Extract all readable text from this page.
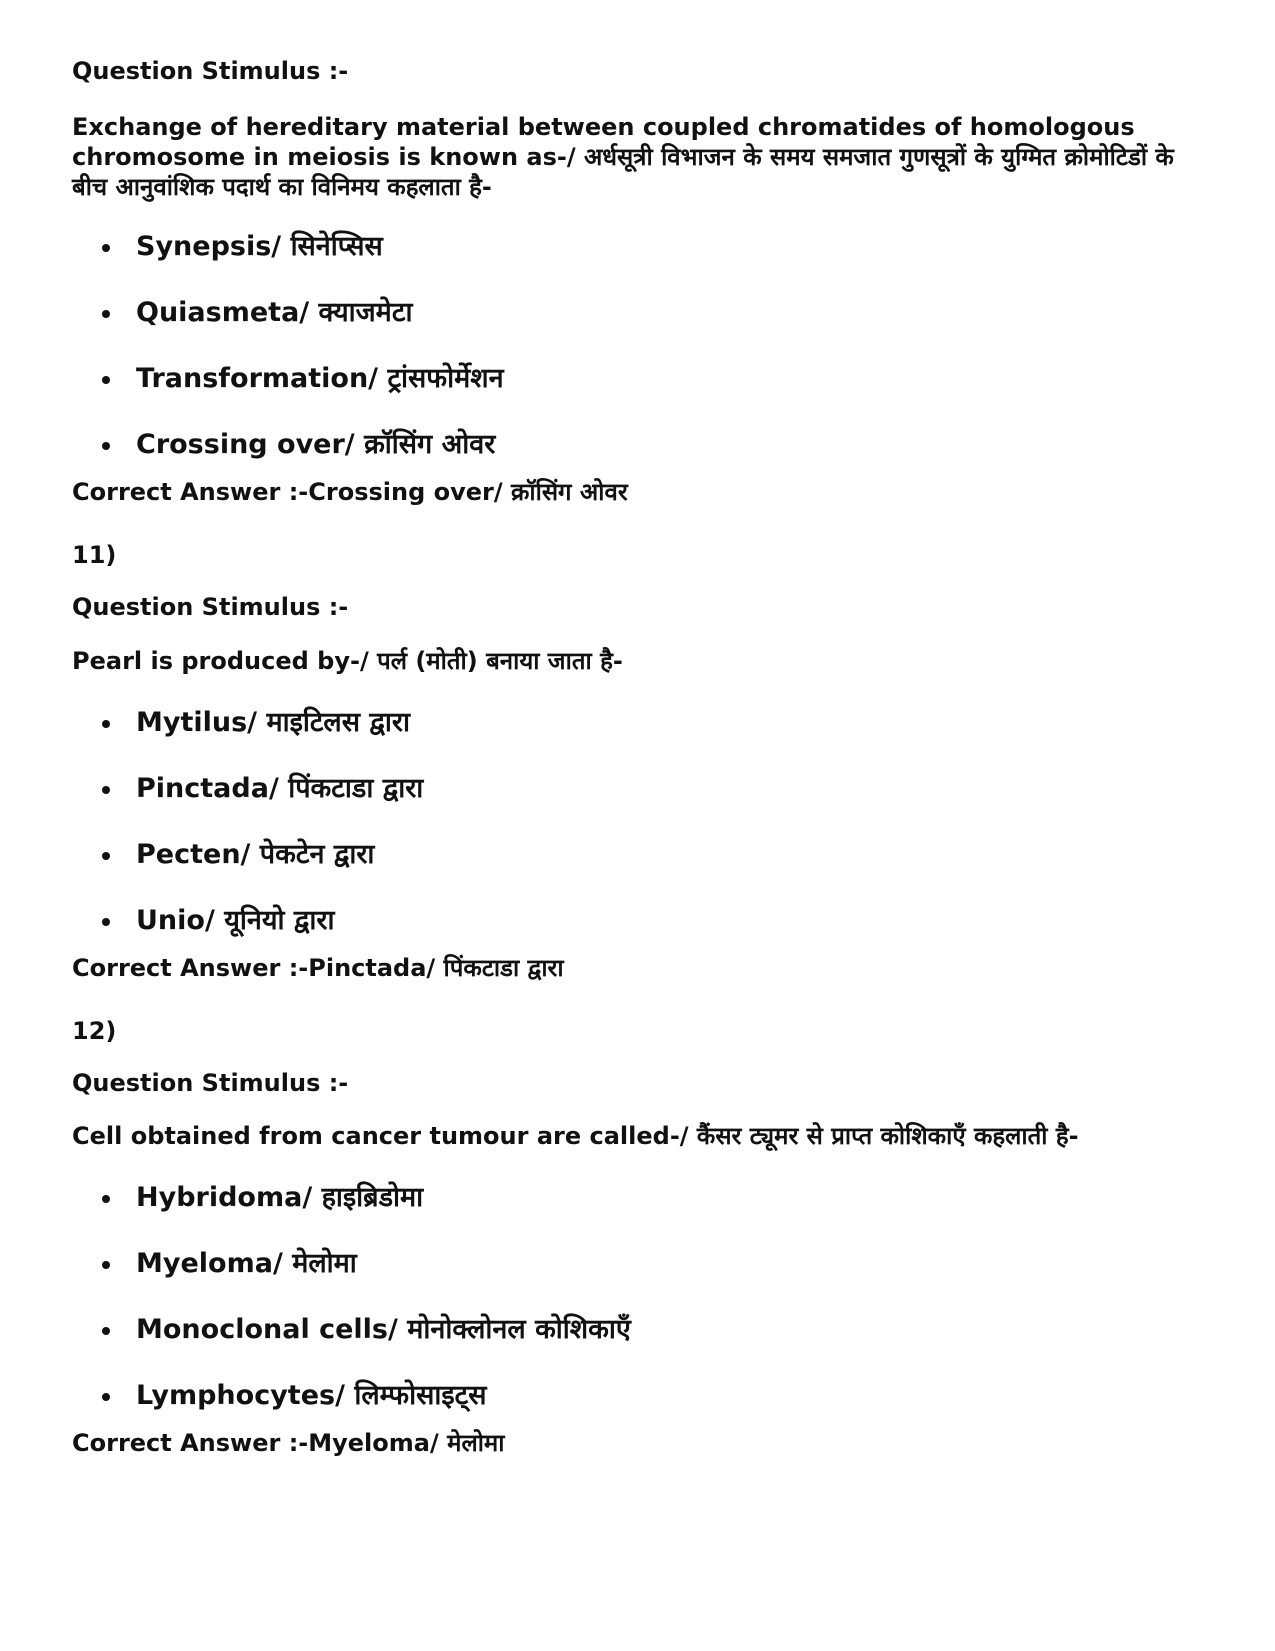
Question Stimulus :-

Exchange of hereditary material between coupled chromatides of homologous chromosome in meiosis is known as-/ अर्धसूत्री विभाजन के समय समजात गुणसूत्रों के युग्मित क्रोमोटिडों के बीच आनुवांशिक पदार्थ का विनिमय कहलाता है-

Synepsis/ सिनेप्सिस
Quiasmeta/ क्याजमेटा
Transformation/ ट्रांसफोर्मेशन
Crossing over/ क्रॉसिंग ओवर

Correct Answer :-Crossing over/ क्रॉसिंग ओवर

11)

Question Stimulus :-

Pearl is produced by-/ पर्ल (मोती) बनाया जाता है-

Mytilus/ माइटिलस द्वारा
Pinctada/ पिंकटाडा द्वारा
Pecten/ पेकटेन द्वारा
Unio/ यूनियो द्वारा

Correct Answer :-Pinctada/ पिंकटाडा द्वारा

12)

Question Stimulus :-

Cell obtained from cancer tumour are called-/ कैंसर ट्यूमर से प्राप्त कोशिकाएँ कहलाती है-

Hybridoma/ हाइब्रिडोमा
Myeloma/ मेलोमा
Monoclonal cells/ मोनोक्लोनल कोशिकाएँ
Lymphocytes/ लिम्फोसाइट्स

Correct Answer :-Myeloma/ मेलोमा
